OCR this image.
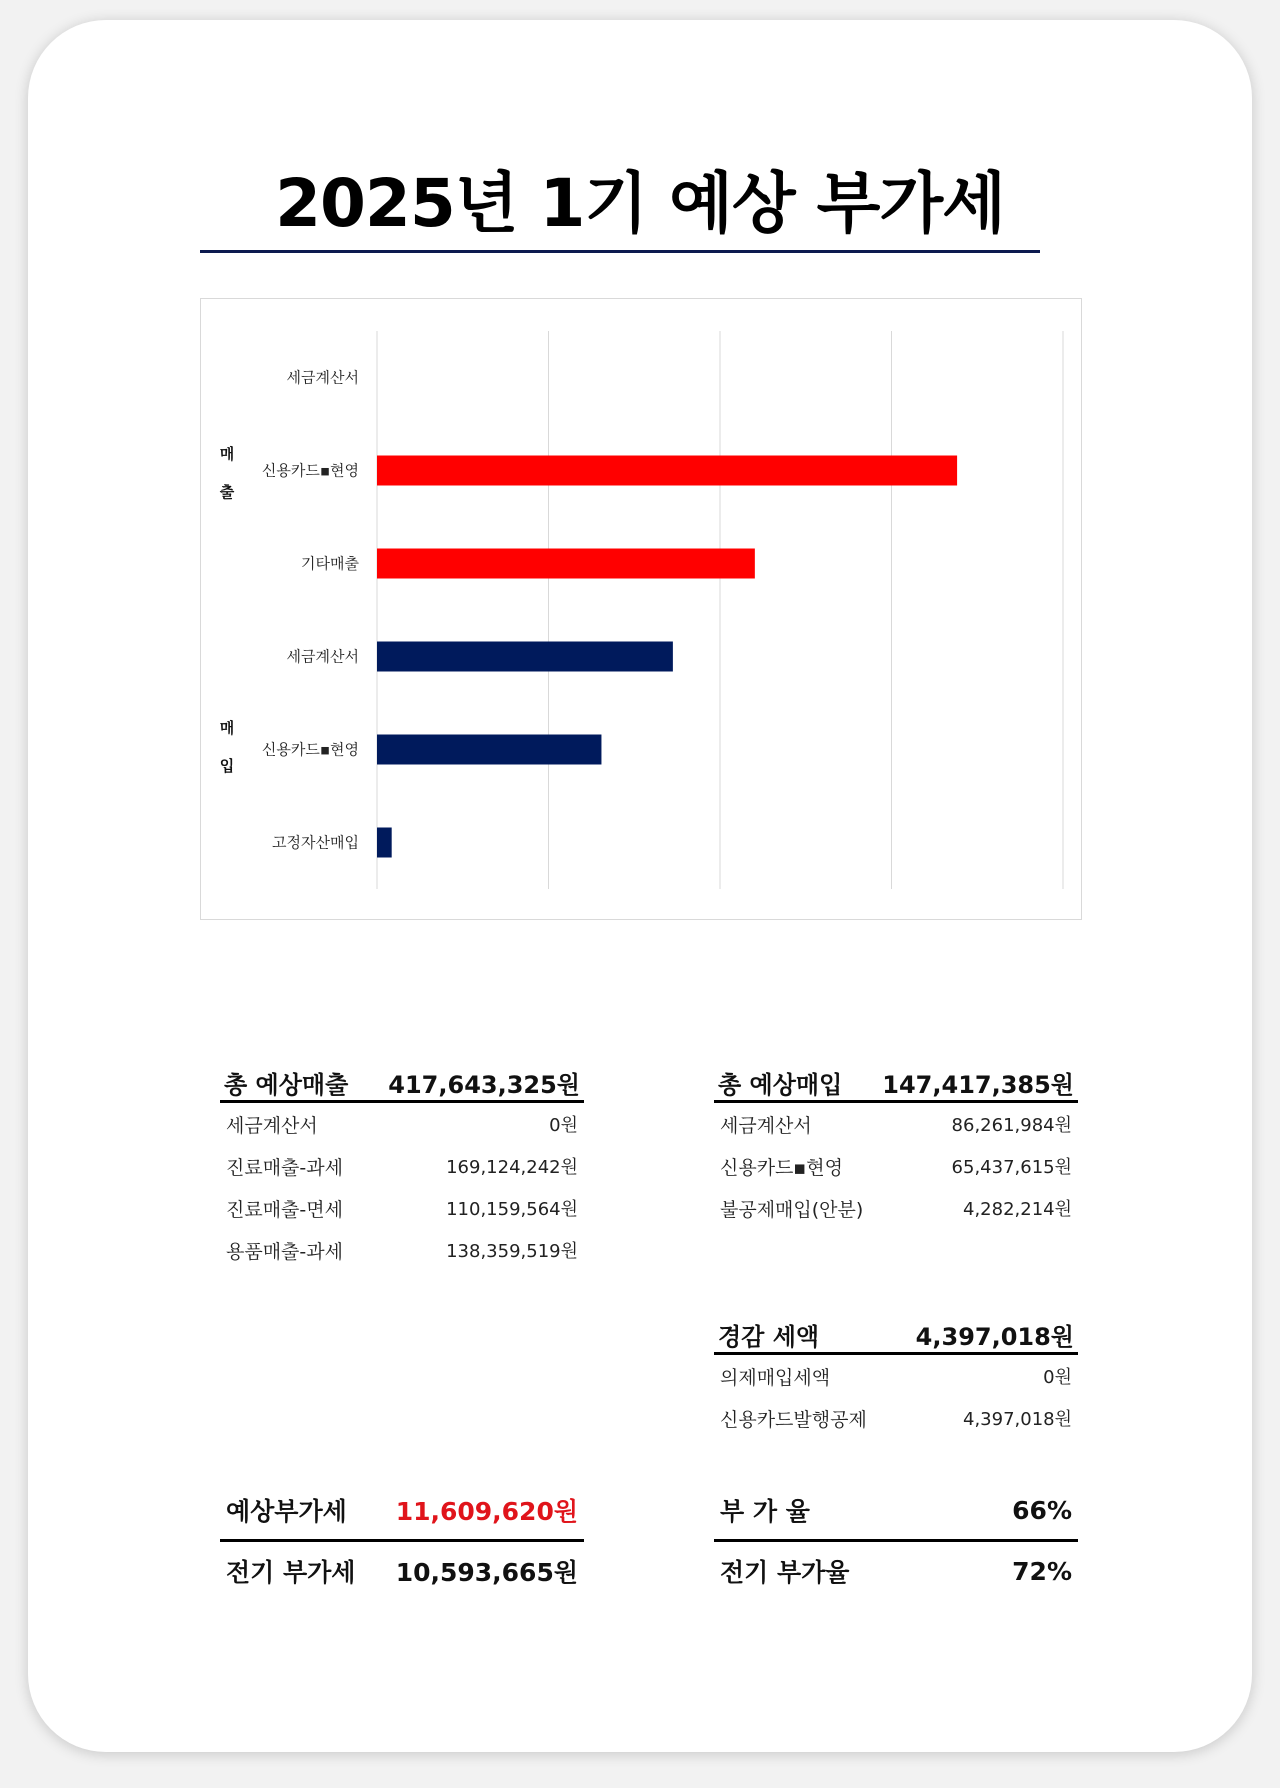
2025년 1기 예상 부가세
세금계산서
신용카드▪현영
기타매출
세금계산서
신용카드▪현영
고정자산매입
매출
매입
총 예상매출 417,643,325원
세금계산서	0원
진료매출-과세	169,124,242원
진료매출-면세	110,159,564원
용품매출-과세	138,359,519원
총 예상매입 147,417,385원
세금계산서	86,261,984원
신용카드▪현영	65,437,615원
불공제매입(안분)	4,282,214원
경감 세액	4,397,018원
의제매입세액	0원
신용카드발행공제	4,397,018원
예상부가세 11,609,620원
전기 부가세 10,593,665원
부 가 율	66%
전기 부가율	72%
